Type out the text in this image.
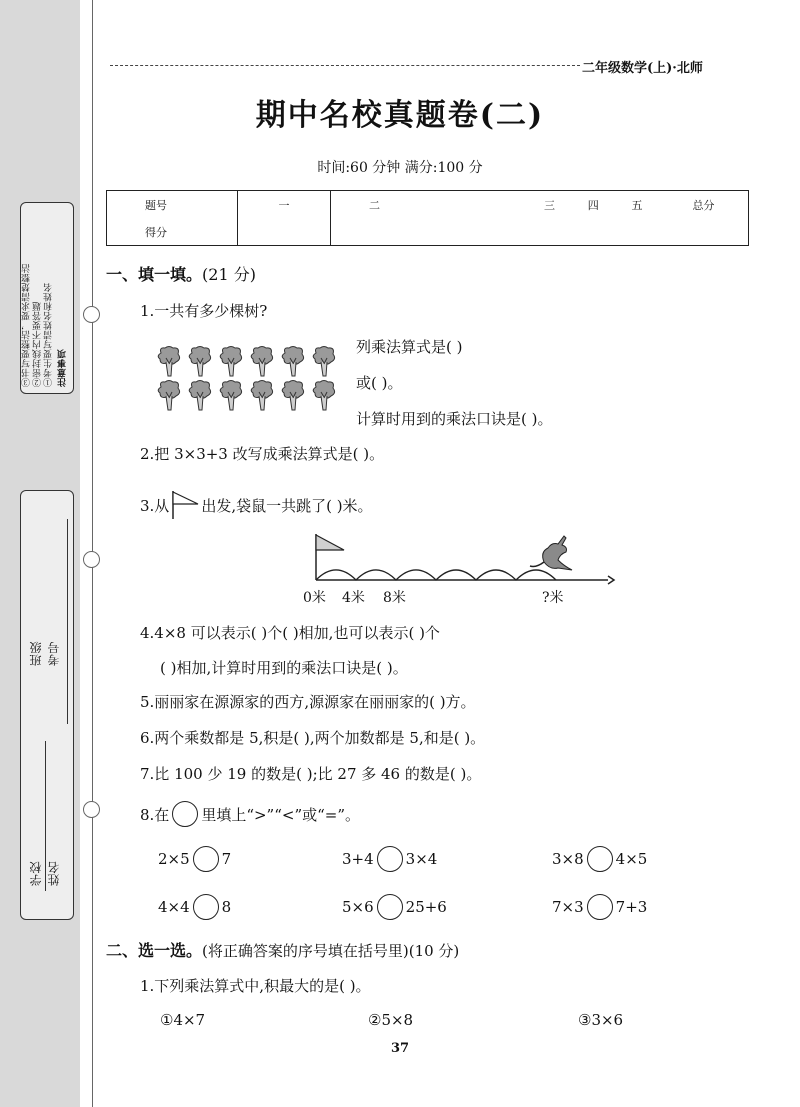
注意事项
①考生要写清姓名和姓名
②密封线内不要答题
③书写要整洁，要求清楚整洁
班级 考号
学校 姓名
二年级数学(上)·北师
期中名校真题卷(二)
时间:60 分钟 满分:100 分
题号	一	二	三	四	五	总分
得分						
一、填一填。(21 分)
1.一共有多少棵树?
列乘法算式是( )
或( )。
计算时用到的乘法口诀是( )。
2.把 3×3+3 改写成乘法算式是( )。
3.从 出发,袋鼠一共跳了( )米。
0米 4米 8米	?米
4.4×8 可以表示( )个( )相加,也可以表示( )个
( )相加,计算时用到的乘法口诀是( )。
5.丽丽家在源源家的西方,源源家在丽丽家的( )方。
6.两个乘数都是 5,积是( ),两个加数都是 5,和是( )。
7.比 100 少 19 的数是( );比 27 多 46 的数是( )。
8.在 里填上“>”“<”或“=”。
2×5 7	3+4 3×4	3×8 4×5
4×4 8	5×6 25+6	7×3 7+3
二、选一选。(将正确答案的序号填在括号里)(10 分)
1.下列乘法算式中,积最大的是( )。
①4×7	②5×8	③3×6
37
